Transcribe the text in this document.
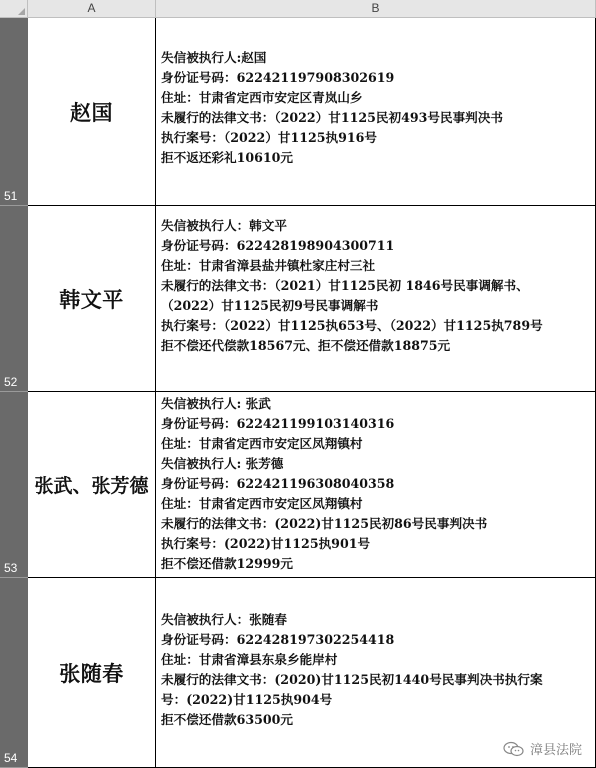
A	B
51
赵国
失信被执行人:赵国
身份证号码：622421197908302619
住址：甘肃省定西市安定区青岚山乡
未履行的法律文书：（2022）甘1125民初493号民事判决书
执行案号：（2022）甘1125执916号
拒不返还彩礼10610元
52
韩文平
失信被执行人：韩文平
身份证号码：622428198904300711
住址：甘肃省漳县盐井镇杜家庄村三社
未履行的法律文书：（2021）甘1125民初 1846号民事调解书、
（2022）甘1125民初9号民事调解书
执行案号：（2022）甘1125执653号、（2022）甘1125执789号
拒不偿还代偿款18567元、拒不偿还借款18875元
53
张武、张芳德
失信被执行人: 张武
身份证号码：622421199103140316
住址：甘肃省定西市安定区凤翔镇村
失信被执行人: 张芳德
身份证号码：622421196308040358
住址：甘肃省定西市安定区凤翔镇村
未履行的法律文书：(2022)甘1125民初86号民事判决书
执行案号：(2022)甘1125执901号
拒不偿还借款12999元
54
张随春
失信被执行人：张随春
身份证号码：622428197302254418
住址：甘肃省漳县东泉乡能岸村
未履行的法律文书：(2020)甘1125民初1440号民事判决书执行案
号：(2022)甘1125执904号
拒不偿还借款63500元
漳县法院
